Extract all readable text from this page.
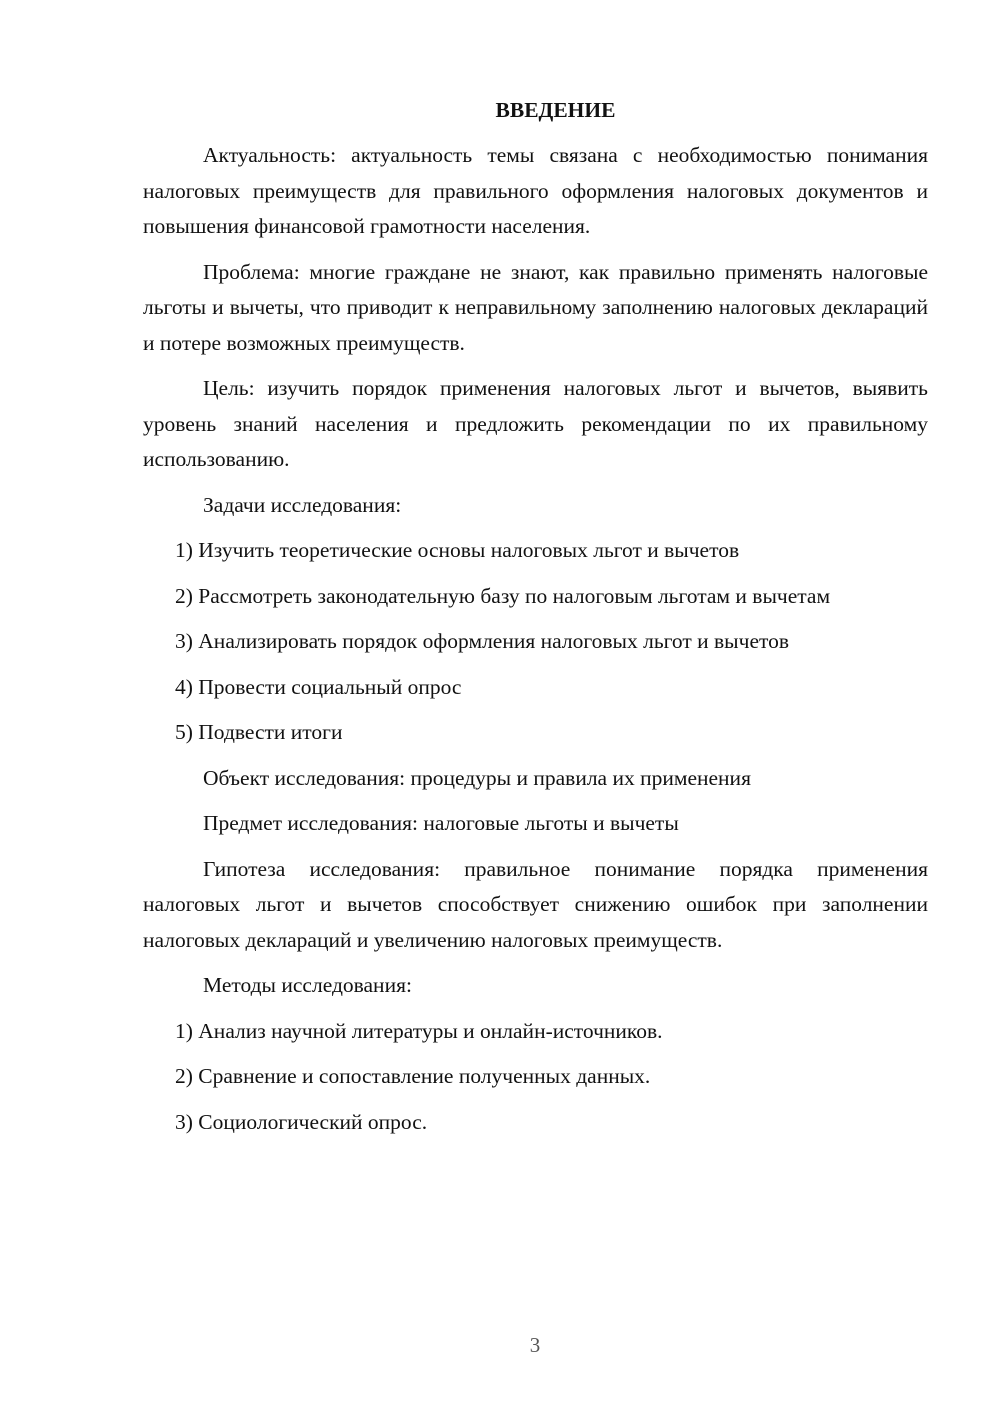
ВВЕДЕНИЕ

Актуальность: актуальность темы связана с необходимостью понимания налоговых преимуществ для правильного оформления налоговых документов и повышения финансовой грамотности населения.

Проблема: многие граждане не знают, как правильно применять налоговые льготы и вычеты, что приводит к неправильному заполнению налоговых деклараций и потере возможных преимуществ.

Цель: изучить порядок применения налоговых льгот и вычетов, выявить уровень знаний населения и предложить рекомендации по их правильному использованию.

Задачи исследования:

1) Изучить теоретические основы налоговых льгот и вычетов

2) Рассмотреть законодательную базу по налоговым льготам и вычетам

3) Анализировать порядок оформления налоговых льгот и вычетов

4) Провести социальный опрос

5) Подвести итоги

Объект исследования: процедуры и правила их применения

Предмет исследования: налоговые льготы и вычеты

Гипотеза исследования: правильное понимание порядка применения налоговых льгот и вычетов способствует снижению ошибок при заполнении налоговых деклараций и увеличению налоговых преимуществ.

Методы исследования:

1) Анализ научной литературы и онлайн-источников.

2) Сравнение и сопоставление полученных данных.

3) Социологический опрос.

3
